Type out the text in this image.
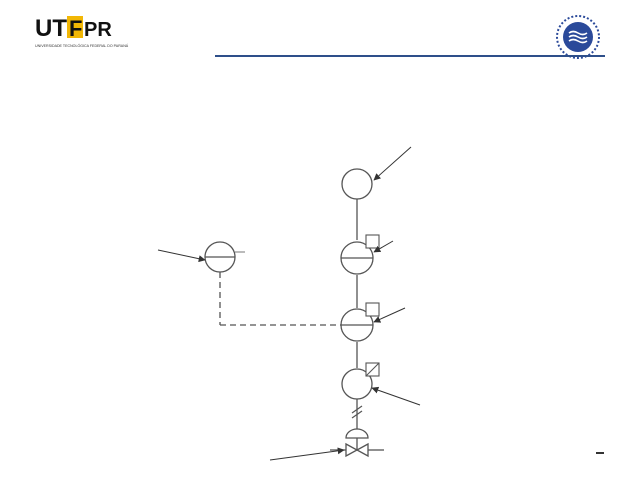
UT F PR
UNIVERSIDADE TECNOLÓGICA FEDERAL DO PARANÁ
